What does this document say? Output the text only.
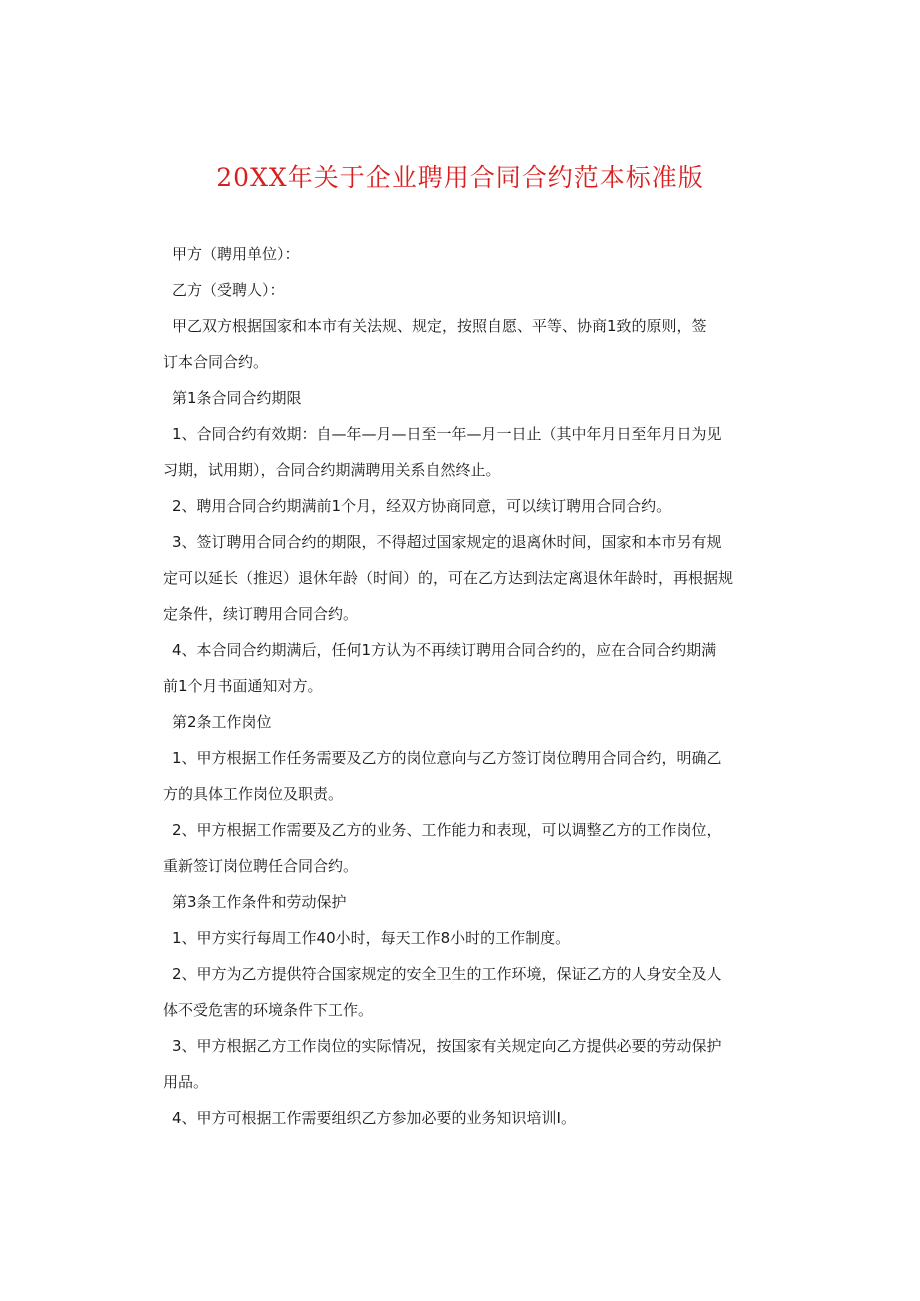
20XX年关于企业聘用合同合约范本标准版

甲方（聘用单位）：

乙方（受聘人）：

甲乙双方根据国家和本市有关法规、规定，按照自愿、平等、协商1致的原则，签
订本合同合约。

第1条合同合约期限

1、合同合约有效期：自—年—月—日至一年—月一日止（其中年月日至年月日为见
习期，试用期），合同合约期满聘用关系自然终止。

2、聘用合同合约期满前1个月，经双方协商同意，可以续订聘用合同合约。

3、签订聘用合同合约的期限，不得超过国家规定的退离休时间，国家和本市另有规
定可以延长（推迟）退休年龄（时间）的，可在乙方达到法定离退休年龄时，再根据规
定条件，续订聘用合同合约。

4、本合同合约期满后，任何1方认为不再续订聘用合同合约的，应在合同合约期满
前1个月书面通知对方。

第2条工作岗位

1、甲方根据工作任务需要及乙方的岗位意向与乙方签订岗位聘用合同合约，明确乙
方的具体工作岗位及职责。

2、甲方根据工作需要及乙方的业务、工作能力和表现，可以调整乙方的工作岗位，
重新签订岗位聘任合同合约。

第3条工作条件和劳动保护

1、甲方实行每周工作40小时，每天工作8小时的工作制度。

2、甲方为乙方提供符合国家规定的安全卫生的工作环境，保证乙方的人身安全及人
体不受危害的环境条件下工作。

3、甲方根据乙方工作岗位的实际情况，按国家有关规定向乙方提供必要的劳动保护
用品。

4、甲方可根据工作需要组织乙方参加必要的业务知识培训I。
